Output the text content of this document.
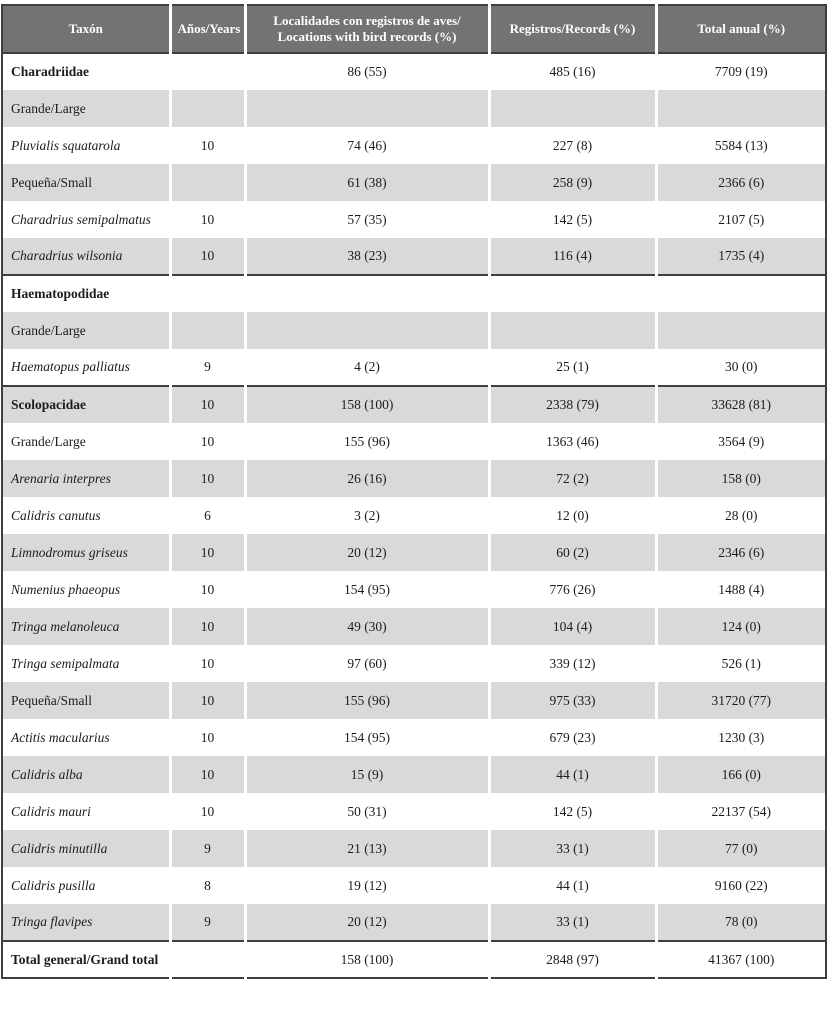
Taxón	Años/Years	Localidades con registros de aves/
Locations with bird records (%)	Registros/Records (%)	Total anual (%)
Charadriidae		86 (55)	485 (16)	7709 (19)
Grande/Large				
Pluvialis squatarola	10	74 (46)	227 (8)	5584 (13)
Pequeña/Small		61 (38)	258 (9)	2366 (6)
Charadrius semipalmatus	10	57 (35)	142 (5)	2107 (5)
Charadrius wilsonia	10	38 (23)	116 (4)	1735 (4)
Haematopodidae				
Grande/Large				
Haematopus palliatus	9	4 (2)	25 (1)	30 (0)
Scolopacidae	10	158 (100)	2338 (79)	33628 (81)
Grande/Large	10	155 (96)	1363 (46)	3564 (9)
Arenaria interpres	10	26 (16)	72 (2)	158 (0)
Calidris canutus	6	3 (2)	12 (0)	28 (0)
Limnodromus griseus	10	20 (12)	60 (2)	2346 (6)
Numenius phaeopus	10	154 (95)	776 (26)	1488 (4)
Tringa melanoleuca	10	49 (30)	104 (4)	124 (0)
Tringa semipalmata	10	97 (60)	339 (12)	526 (1)
Pequeña/Small	10	155 (96)	975 (33)	31720 (77)
Actitis macularius	10	154 (95)	679 (23)	1230 (3)
Calidris alba	10	15 (9)	44 (1)	166 (0)
Calidris mauri	10	50 (31)	142 (5)	22137 (54)
Calidris minutilla	9	21 (13)	33 (1)	77 (0)
Calidris pusilla	8	19 (12)	44 (1)	9160 (22)
Tringa flavipes	9	20 (12)	33 (1)	78 (0)
Total general/Grand total		158 (100)	2848 (97)	41367 (100)
